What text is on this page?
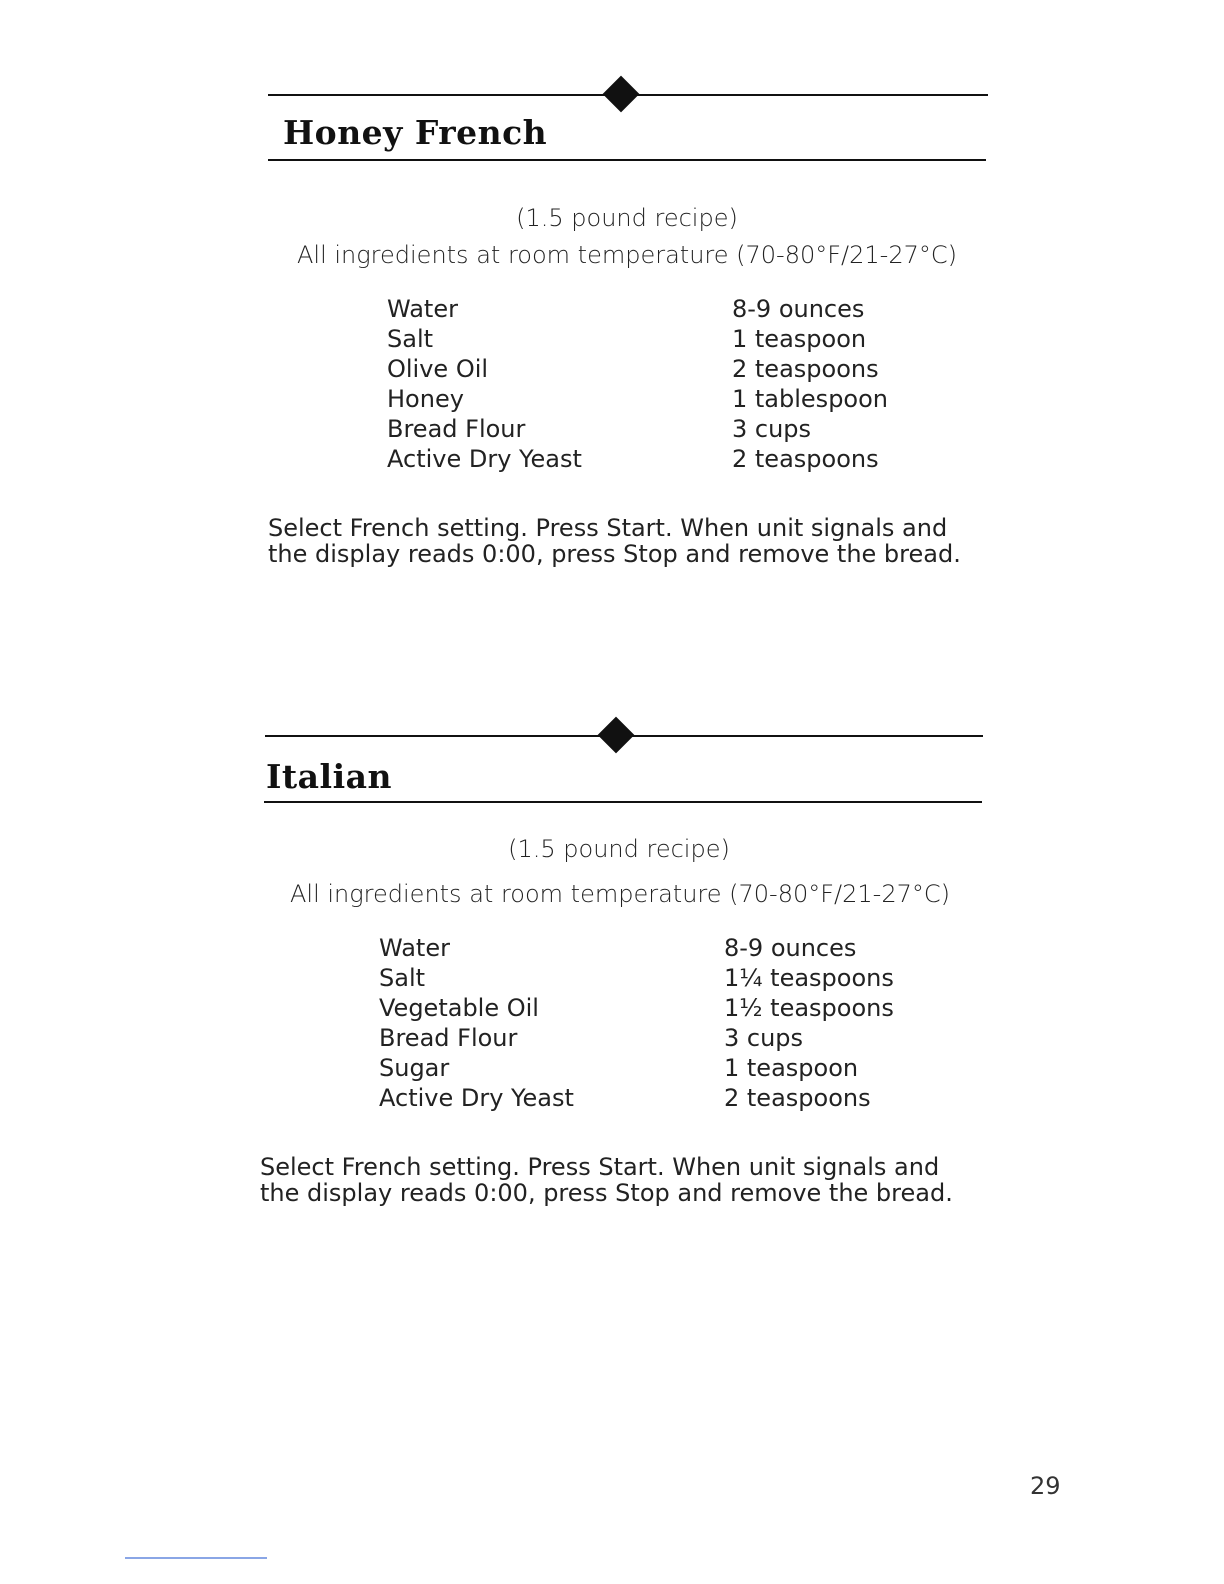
Honey French
(1.5 pound recipe)
All ingredients at room temperature (70-80°F/21-27°C)
Water	8-9 ounces
Salt	1 teaspoon
Olive Oil	2 teaspoons
Honey	1 tablespoon
Bread Flour	3 cups
Active Dry Yeast	2 teaspoons

Select French setting. Press Start. When unit signals and the display reads 0:00, press Stop and remove the bread.

Italian
(1.5 pound recipe)
All ingredients at room temperature (70-80°F/21-27°C)
Water	8-9 ounces
Salt	1¼ teaspoons
Vegetable Oil	1½ teaspoons
Bread Flour	3 cups
Sugar	1 teaspoon
Active Dry Yeast	2 teaspoons

Select French setting. Press Start. When unit signals and the display reads 0:00, press Stop and remove the bread.

29
